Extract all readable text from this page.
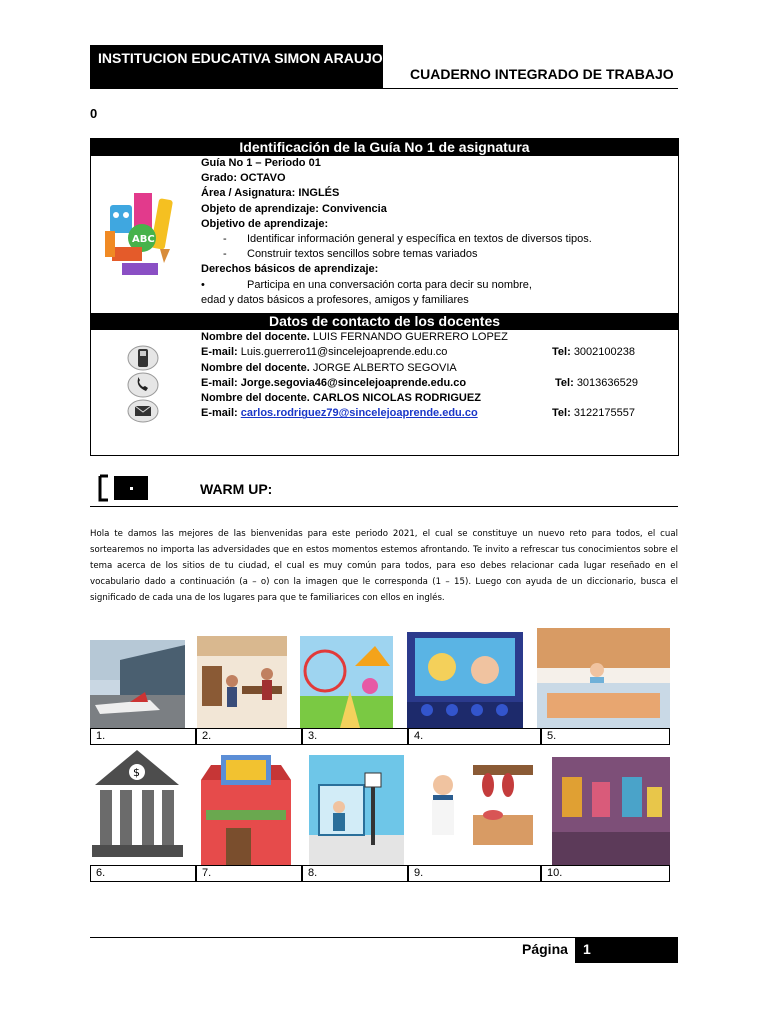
INSTITUCION EDUCATIVA SIMON ARAUJO
CUADERNO INTEGRADO DE TRABAJO
0
Identificación de la Guía No 1 de asignatura
ABC
Guía No 1 – Periodo 01
Grado: OCTAVO
Área / Asignatura: INGLÉS
Objeto de aprendizaje: Convivencia
Objetivo de aprendizaje:
- Identificar información general y específica en textos de diversos tipos.
- Construir textos sencillos sobre temas variados
Derechos básicos de aprendizaje:
•	Participa en una conversación corta para decir su nombre,
edad y datos básicos a profesores, amigos y familiares
Datos de contacto de los docentes
Nombre del docente. LUIS FERNANDO GUERRERO LOPEZ
E-mail: Luis.guerrero11@sincelejoaprende.edu.co	Tel: 3002100238
Nombre del docente. JORGE ALBERTO SEGOVIA
E-mail: Jorge.segovia46@sincelejoaprende.edu.co	Tel: 3013636529
Nombre del docente. CARLOS NICOLAS RODRIGUEZ
E-mail: carlos.rodriguez79@sincelejoaprende.edu.co	Tel: 3122175557
WARM UP:
Hola te damos las mejores de las bienvenidas para este periodo 2021, el cual se constituye un nuevo reto para todos, el cual sortearemos no importa las adversidades que en estos momentos estemos afrontando. Te invito a refrescar tus conocimientos sobre el tema acerca de los sitios de tu ciudad, el cual es muy común para todos, para eso debes relacionar cada lugar reseñado en el vocabulario dado a continuación (a – o) con la imagen que le corresponda (1 – 15). Luego con ayuda de un diccionario, busca el significado de cada una de los lugares para que te familiarices con ellos en inglés.
1.	2.	3.	4.	5.
$
6.	7.	8.	9.	10.
Página	1
